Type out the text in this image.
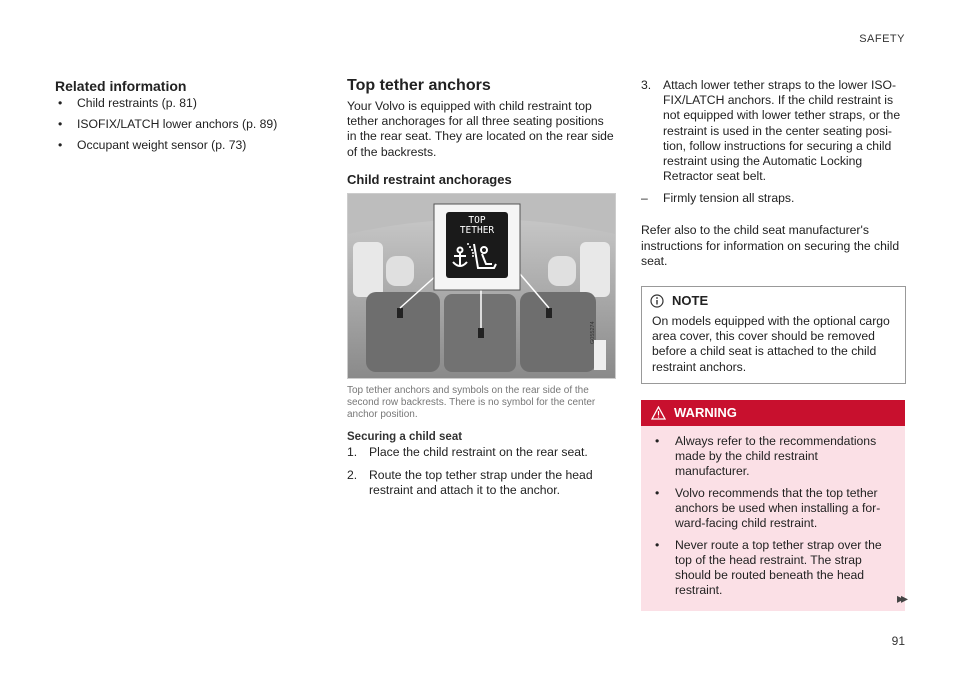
SAFETY
Related information
• Child restraints (p. 81)
• ISOFIX/LATCH lower anchors (p. 89)
• Occupant weight sensor (p. 73)
Top tether anchors

Your Volvo is equipped with child restraint top tether anchorages for all three seating positions in the rear seat. They are located on the rear side of the backrests.

Child restraint anchorages
TOP
TETHER
G055274

Top tether anchors and symbols on the rear side of the second row backrests. There is no symbol for the center anchor position.

Securing a child seat
1. Place the child restraint on the rear seat.
2. Route the top tether strap under the head restraint and attach it to the anchor.
3. Attach lower tether straps to the lower ISO-FIX/LATCH anchors. If the child restraint is not equipped with lower tether straps, or the restraint is used in the center seating posi-tion, follow instructions for securing a child restraint using the Automatic Locking Retractor seat belt.
– Firmly tension all straps.

Refer also to the child seat manufacturer's instructions for information on securing the child seat.

NOTE

On models equipped with the optional cargo area cover, this cover should be removed before a child seat is attached to the child restraint anchors.

WARNING
• Always refer to the recommendations made by the child restraint manufacturer.
• Volvo recommends that the top tether anchors be used when installing a for-ward-facing child restraint.
• Never route a top tether strap over the top of the head restraint. The strap should be routed beneath the head restraint.
▸▸
91
